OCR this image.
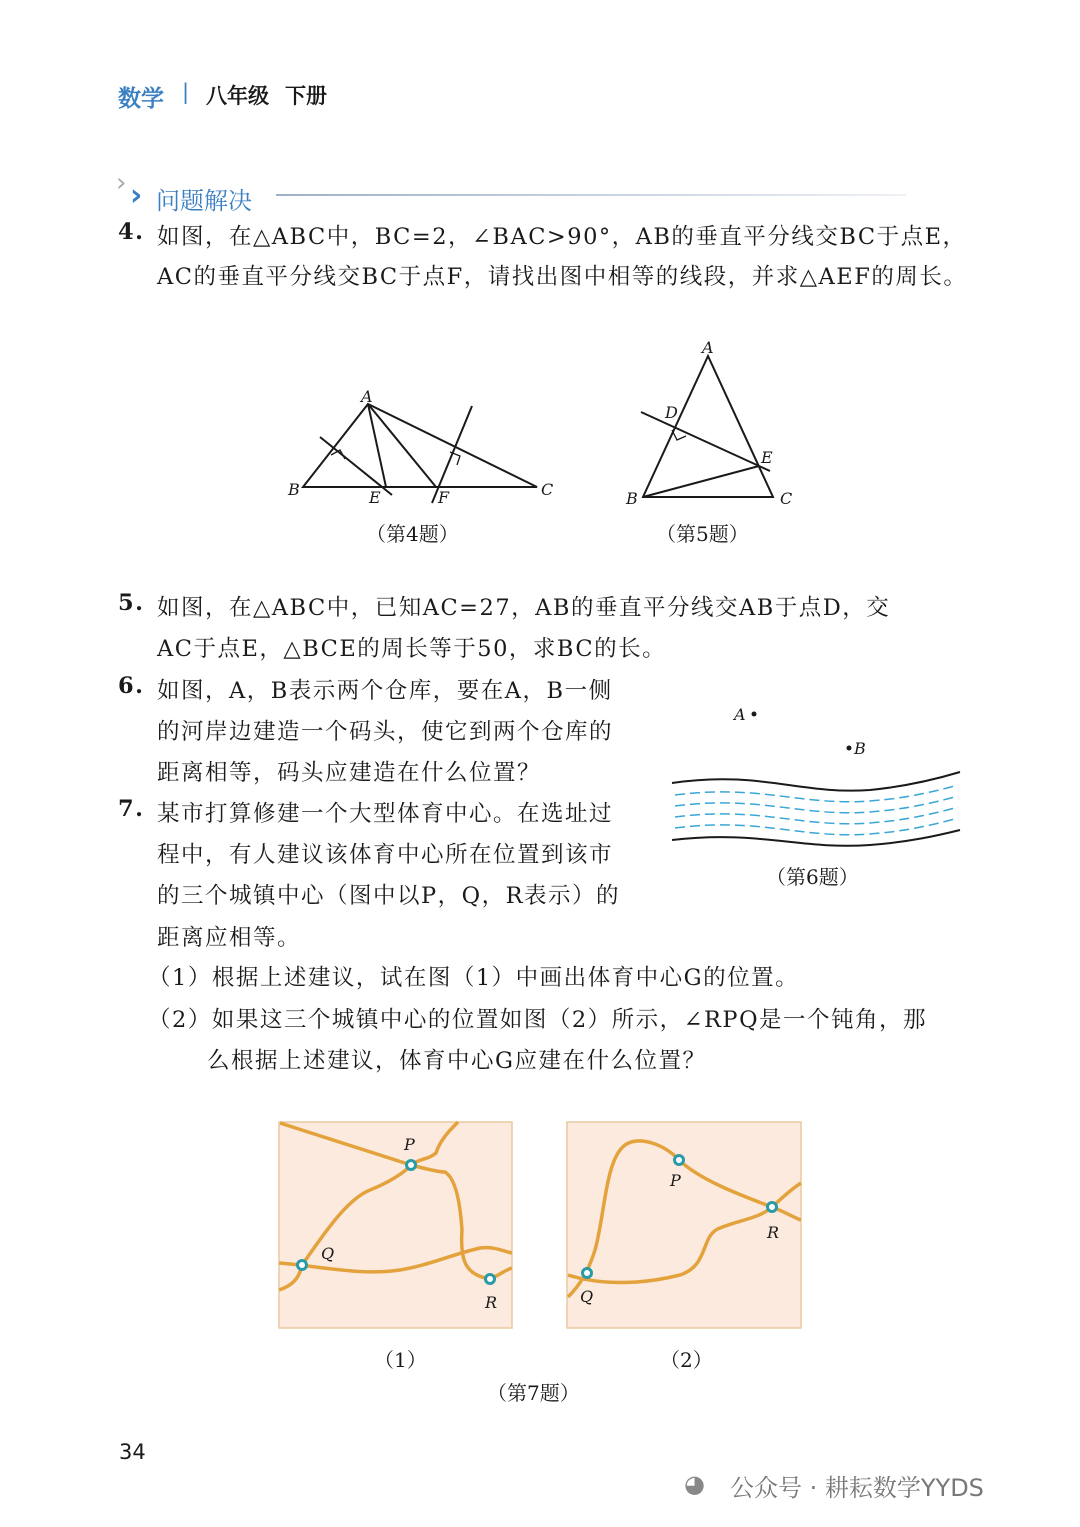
数学 | 八年级 下册
› › 问题解决
4. 如图，在△ABC中，BC=2，∠BAC>90°，AB的垂直平分线交BC于点E，
AC的垂直平分线交BC于点F，请找出图中相等的线段，并求△AEF的周长。
5. 如图，在△ABC中，已知AC=27，AB的垂直平分线交AB于点D，交
AC于点E，△BCE的周长等于50，求BC的长。
6. 如图，A，B表示两个仓库，要在A，B一侧
的河岸边建造一个码头，使它到两个仓库的
距离相等，码头应建造在什么位置？
7. 某市打算修建一个大型体育中心。在选址过
程中，有人建议该体育中心所在位置到该市
的三个城镇中心（图中以P，Q，R表示）的
距离应相等。
（1）根据上述建议，试在图（1）中画出体育中心G的位置。
（2）如果这三个城镇中心的位置如图（2）所示，∠RPQ是一个钝角，那
么根据上述建议，体育中心G应建在什么位置？
A
B	C
E	F
A
B	C
D
E
A
B
P
Q
R
P
Q
R
（第4题）	（第5题）
（第6题）
（1）	（2）
（第7题）
34
◕ 公众号 · 耕耘数学YYDS
